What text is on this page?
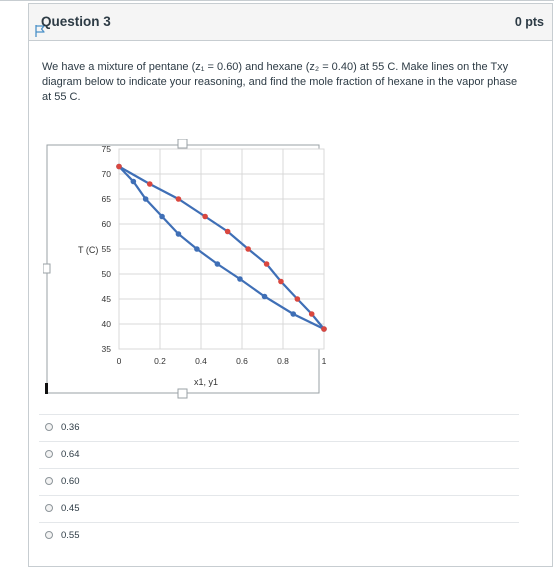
Question 3	0 pts
We have a mixture of pentane (z₁ = 0.60) and hexane (z₂ = 0.40) at 55 C. Make lines on the Txy diagram below to indicate your reasoning, and find the mole fraction of hexane in the vapor phase at 55 C.
35
40
45
50
55
60
65
70
75
0	0.2	0.4	0.6	0.8	1
T (C)
x1, y1
0.36
0.64
0.60
0.45
0.55
